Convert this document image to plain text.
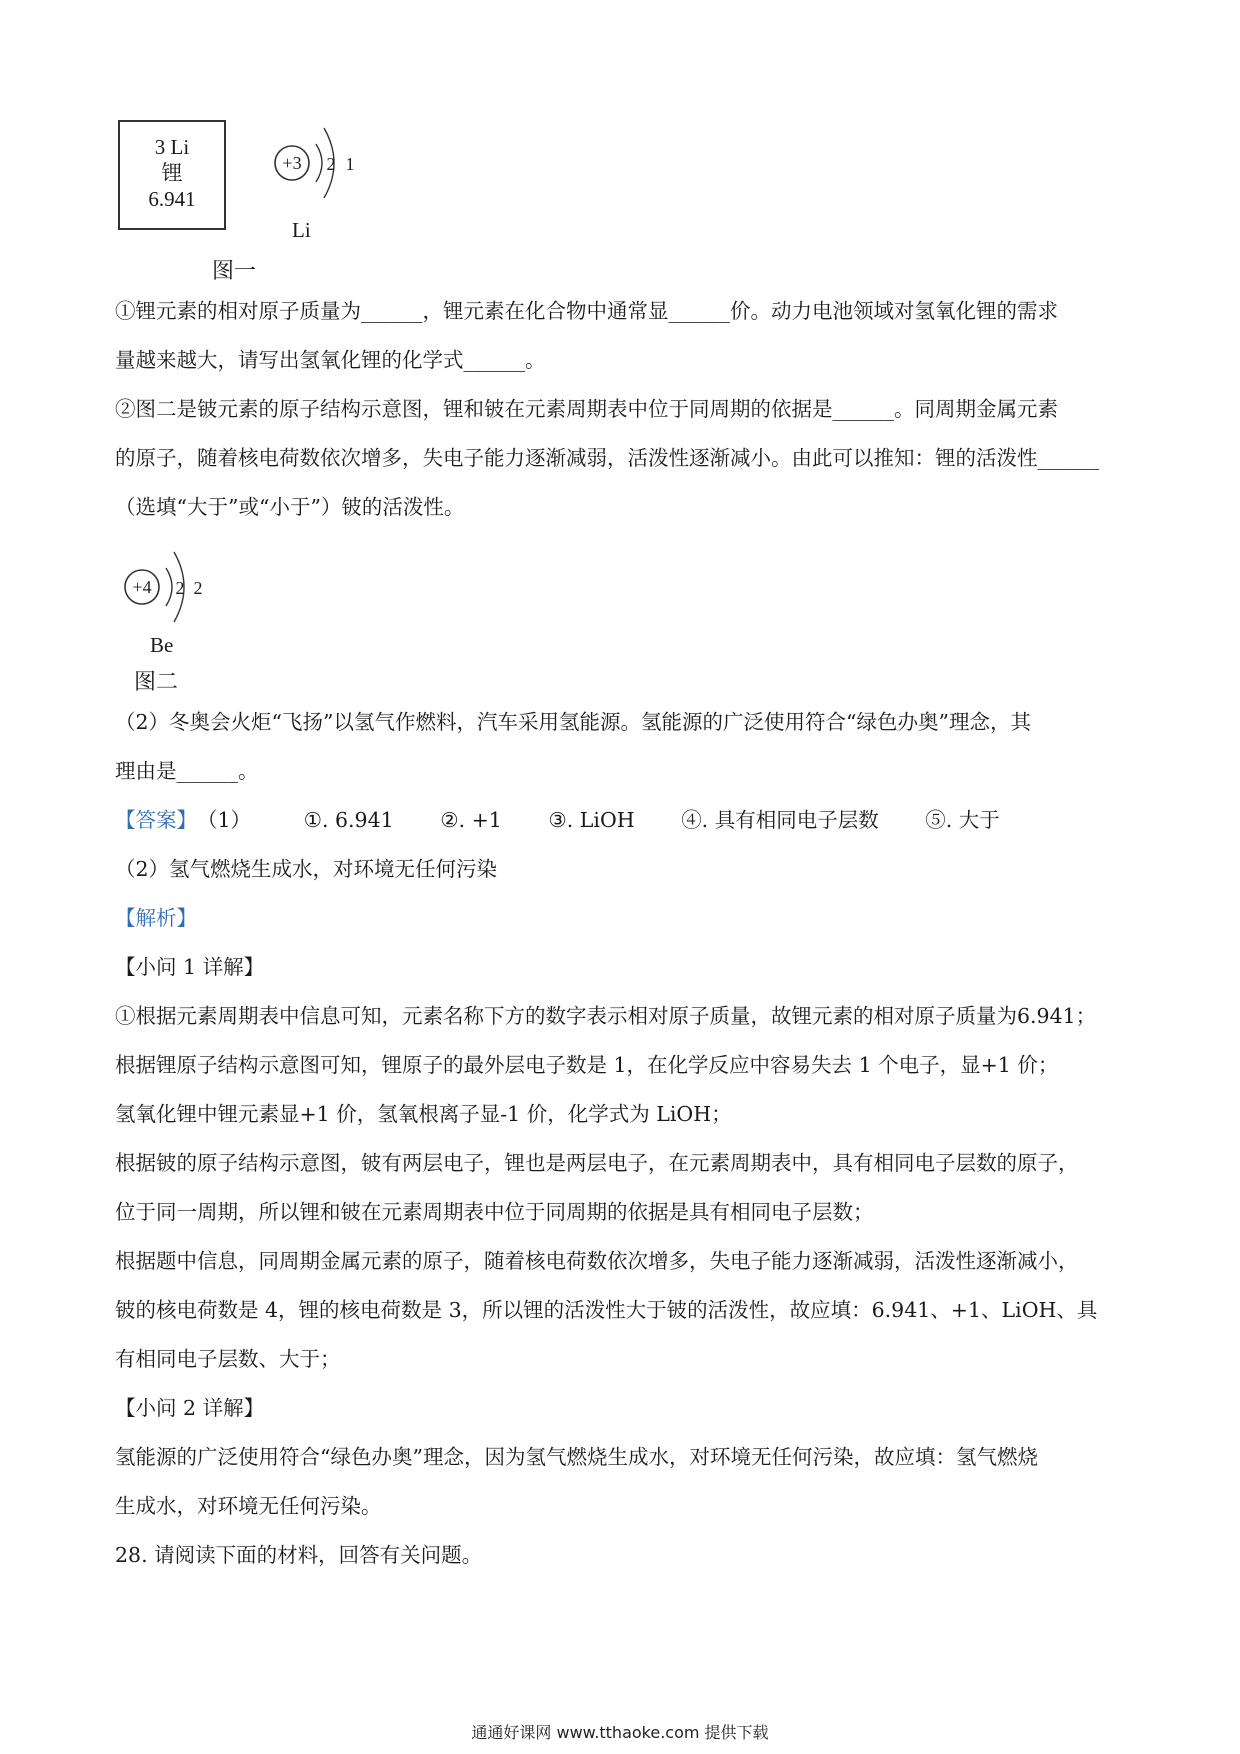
3 Li
锂
6.941
+3 2 1
Li
图一
①锂元素的相对原子质量为______，锂元素在化合物中通常显______价。动力电池领域对氢氧化锂的需求
量越来越大，请写出氢氧化锂的化学式______。
②图二是铍元素的原子结构示意图，锂和铍在元素周期表中位于同周期的依据是______。同周期金属元素
的原子，随着核电荷数依次增多，失电子能力逐渐减弱，活泼性逐渐减小。由此可以推知：锂的活泼性______
（选填“大于”或“小于”）铍的活泼性。
+4 2 2
Be
图二
（2）冬奥会火炬“飞扬”以氢气作燃料，汽车采用氢能源。氢能源的广泛使用符合“绿色办奥”理念，其
理由是______。
【答案】（1）	①. 6.941 ②. +1 ③. LiOH ④. 具有相同电子层数 ⑤. 大于
（2）氢气燃烧生成水，对环境无任何污染
【解析】
【小问 1 详解】
①根据元素周期表中信息可知，元素名称下方的数字表示相对原子质量，故锂元素的相对原子质量为6.941；
根据锂原子结构示意图可知，锂原子的最外层电子数是 1，在化学反应中容易失去 1 个电子，显+1 价；
氢氧化锂中锂元素显+1 价，氢氧根离子显-1 价，化学式为 LiOH；
根据铍的原子结构示意图，铍有两层电子，锂也是两层电子，在元素周期表中，具有相同电子层数的原子，
位于同一周期，所以锂和铍在元素周期表中位于同周期的依据是具有相同电子层数；
根据题中信息，同周期金属元素的原子，随着核电荷数依次增多，失电子能力逐渐减弱，活泼性逐渐减小，
铍的核电荷数是 4，锂的核电荷数是 3，所以锂的活泼性大于铍的活泼性，故应填：6.941、+1、LiOH、具
有相同电子层数、大于；
【小问 2 详解】
氢能源的广泛使用符合“绿色办奥”理念，因为氢气燃烧生成水，对环境无任何污染，故应填：氢气燃烧
生成水，对环境无任何污染。
28. 请阅读下面的材料，回答有关问题。
通通好课网 www.tthaoke.com 提供下载
